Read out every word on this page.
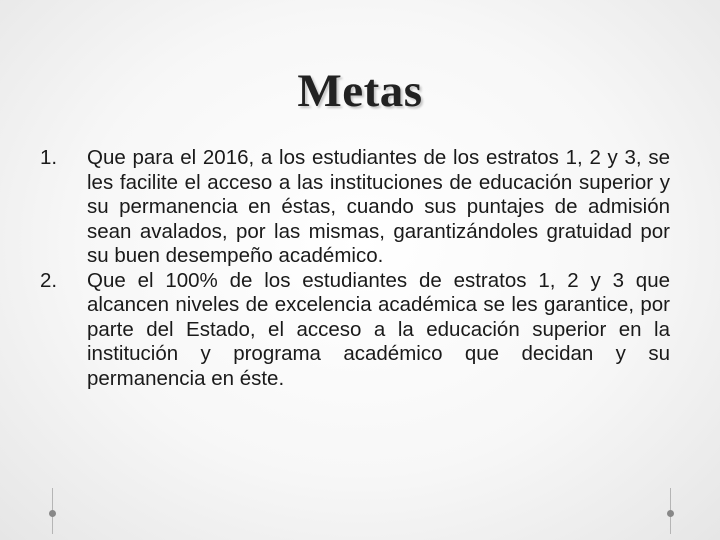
Metas
1.	Que para el 2016, a los estudiantes de los estratos 1, 2 y 3, se les facilite el acceso a las instituciones de educación superior y su permanencia en éstas, cuando sus puntajes de admisión sean avalados, por las mismas, garantizándoles gratuidad por su buen desempeño académico.
2.	Que el 100% de los estudiantes de estratos 1, 2 y 3 que alcancen niveles de excelencia académica se les garantice, por parte del Estado, el acceso a la educación superior en la institución y programa académico que decidan y su permanencia en éste.
